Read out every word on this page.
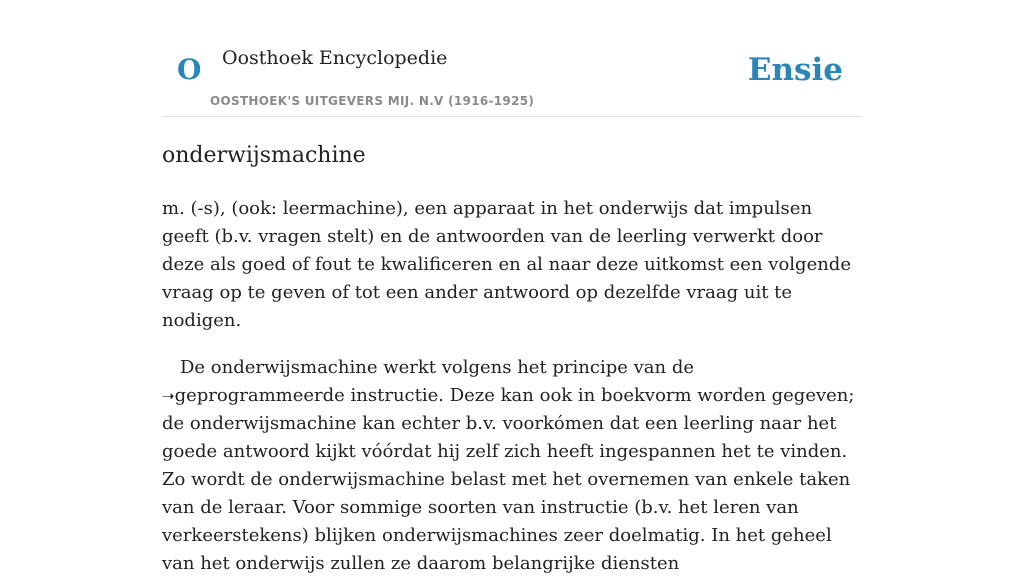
O Oosthoek Encyclopedie
OOSTHOEK'S UITGEVERS MIJ. N.V (1916-1925)
Ensie
onderwijsmachine

m. (-s), (ook: leermachine), een apparaat in het onderwijs dat impulsen geeft (b.v. vragen stelt) en de antwoorden van de leerling verwerkt door deze als goed of fout te kwalificeren en al naar deze uitkomst een volgende vraag op te geven of tot een ander antwoord op dezelfde vraag uit te nodigen.

De onderwijsmachine werkt volgens het principe van de ➝geprogrammeerde instructie. Deze kan ook in boekvorm worden gegeven; de onderwijsmachine kan echter b.v. voorkómen dat een leerling naar het goede antwoord kijkt vóórdat hij zelf zich heeft ingespannen het te vinden. Zo wordt de onderwijsmachine belast met het overnemen van enkele taken van de leraar. Voor sommige soorten van instructie (b.v. het leren van verkeerstekens) blijken onderwijsmachines zeer doelmatig. In het geheel van het onderwijs zullen ze daarom belangrijke diensten
